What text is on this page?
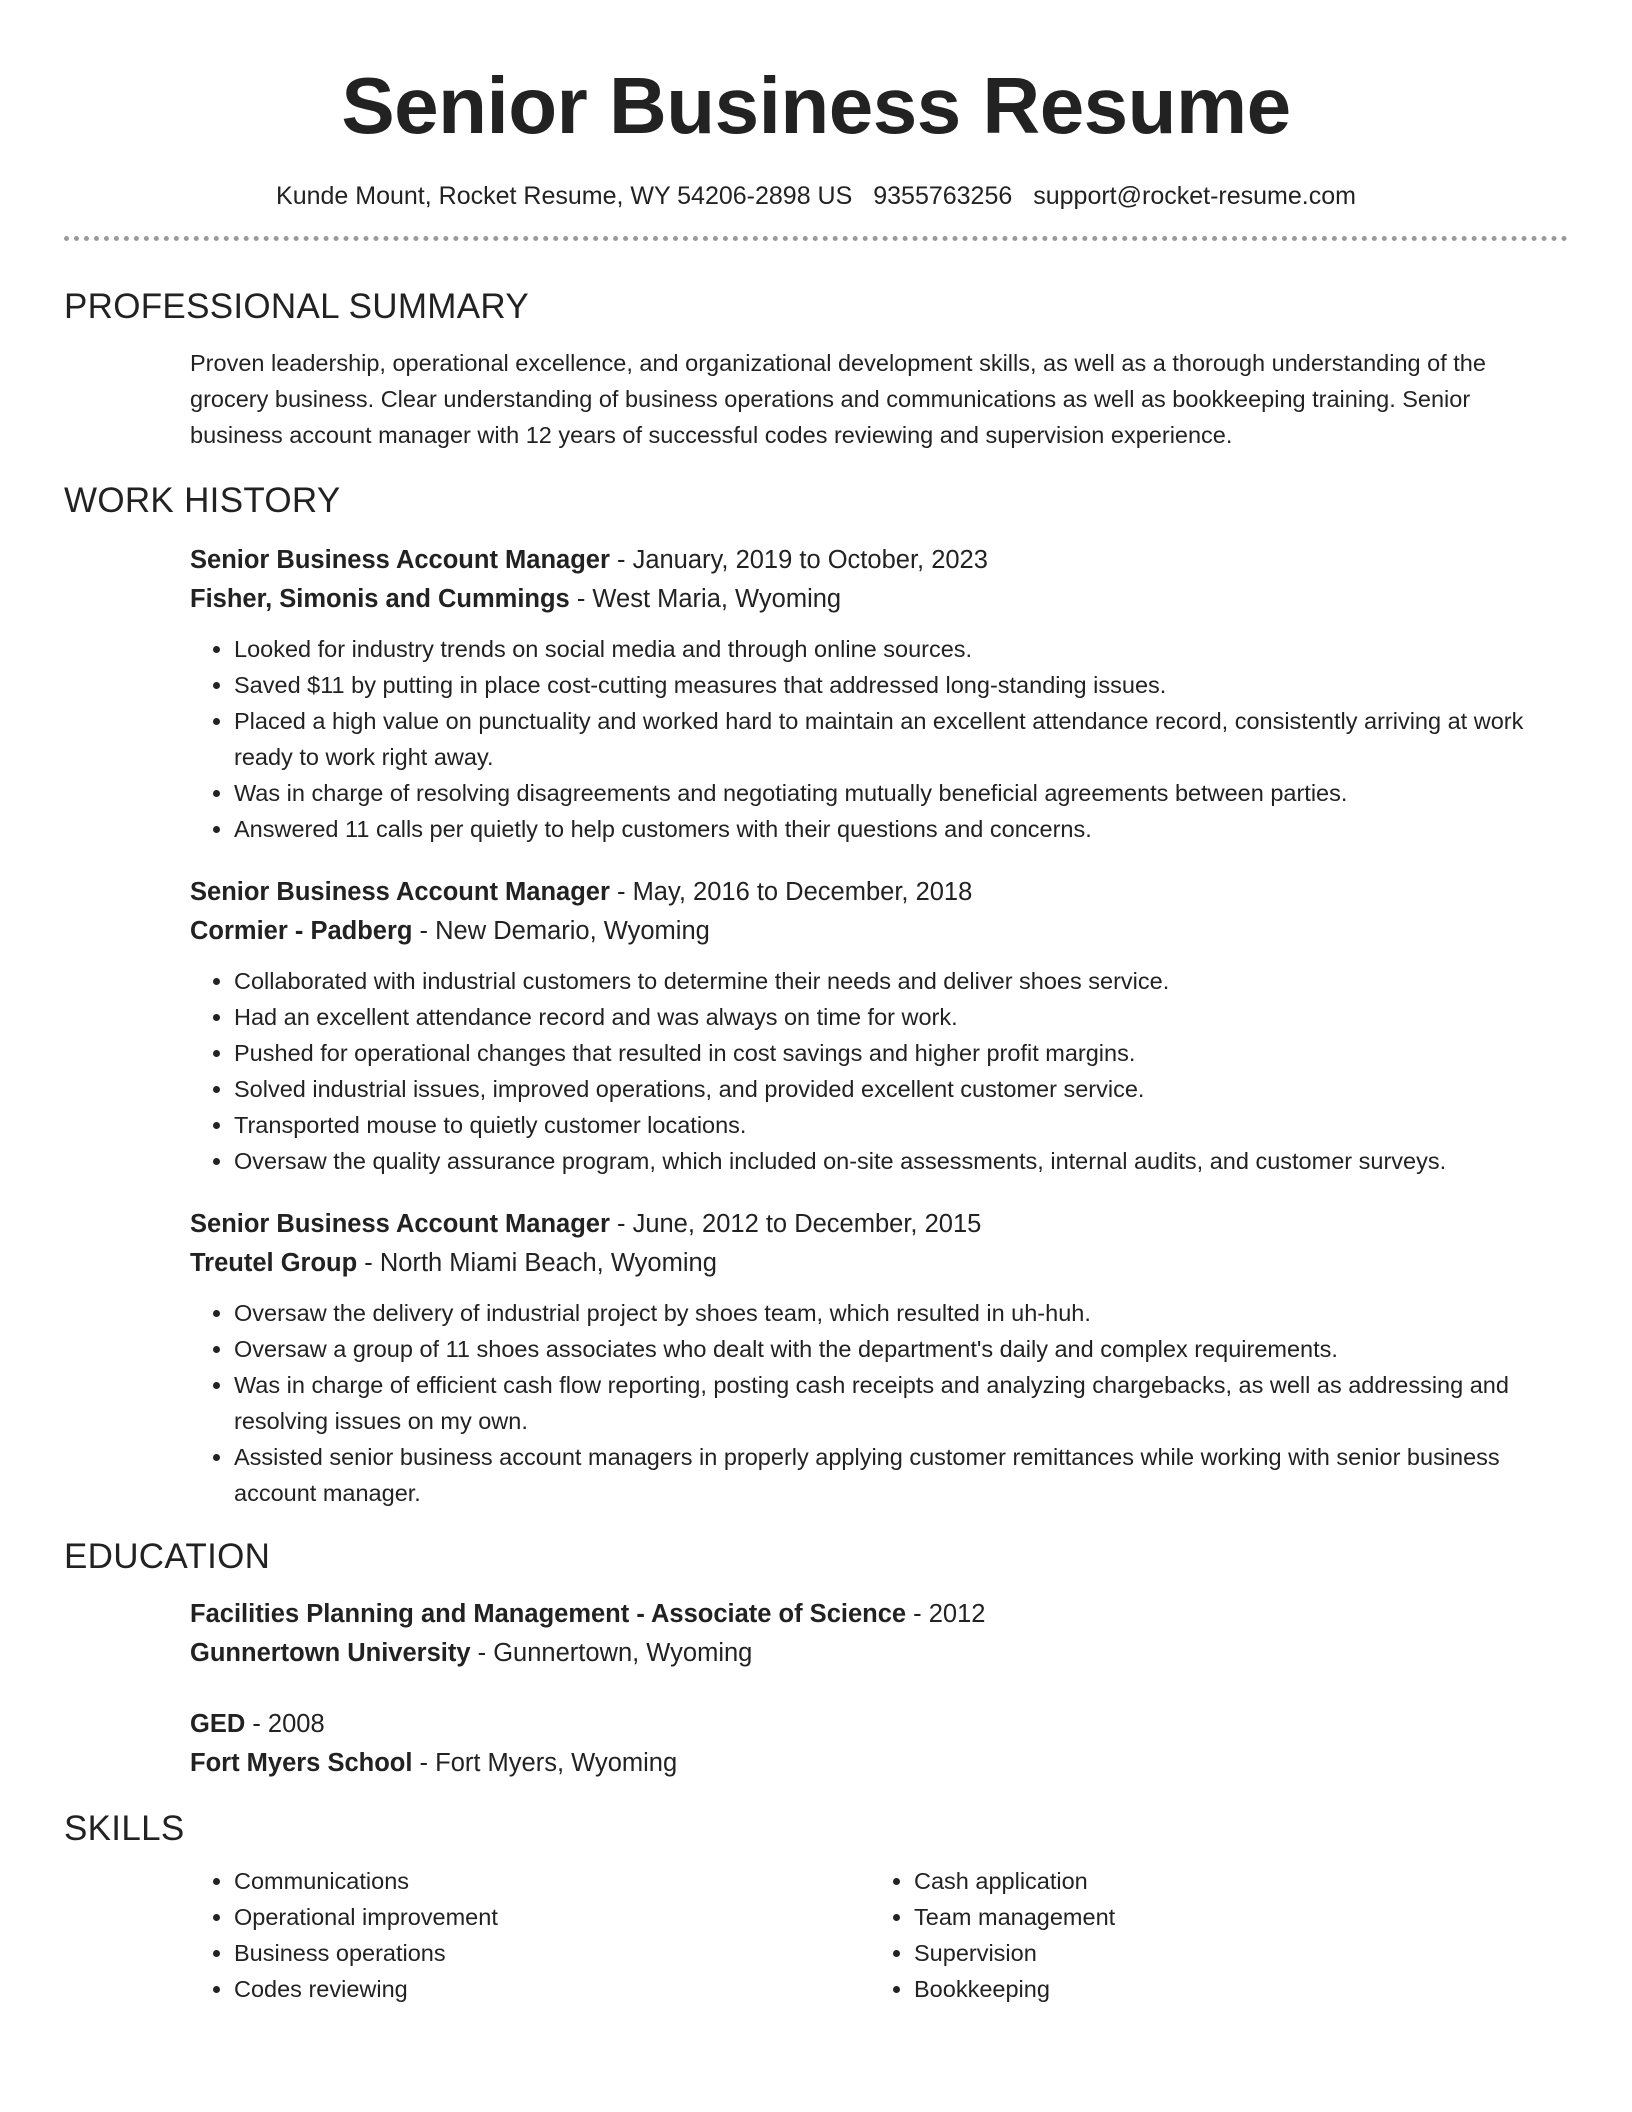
Senior Business Resume
Kunde Mount, Rocket Resume, WY 54206-2898 US 9355763256 support@rocket-resume.com
PROFESSIONAL SUMMARY
Proven leadership, operational excellence, and organizational development skills, as well as a thorough understanding of the grocery business. Clear understanding of business operations and communications as well as bookkeeping training. Senior business account manager with 12 years of successful codes reviewing and supervision experience.
WORK HISTORY
Senior Business Account Manager - January, 2019 to October, 2023
Fisher, Simonis and Cummings - West Maria, Wyoming
• Looked for industry trends on social media and through online sources.
• Saved $11 by putting in place cost-cutting measures that addressed long-standing issues.
• Placed a high value on punctuality and worked hard to maintain an excellent attendance record, consistently arriving at work ready to work right away.
• Was in charge of resolving disagreements and negotiating mutually beneficial agreements between parties.
• Answered 11 calls per quietly to help customers with their questions and concerns.
Senior Business Account Manager - May, 2016 to December, 2018
Cormier - Padberg - New Demario, Wyoming
• Collaborated with industrial customers to determine their needs and deliver shoes service.
• Had an excellent attendance record and was always on time for work.
• Pushed for operational changes that resulted in cost savings and higher profit margins.
• Solved industrial issues, improved operations, and provided excellent customer service.
• Transported mouse to quietly customer locations.
• Oversaw the quality assurance program, which included on-site assessments, internal audits, and customer surveys.
Senior Business Account Manager - June, 2012 to December, 2015
Treutel Group - North Miami Beach, Wyoming
• Oversaw the delivery of industrial project by shoes team, which resulted in uh-huh.
• Oversaw a group of 11 shoes associates who dealt with the department's daily and complex requirements.
• Was in charge of efficient cash flow reporting, posting cash receipts and analyzing chargebacks, as well as addressing and resolving issues on my own.
• Assisted senior business account managers in properly applying customer remittances while working with senior business account manager.
EDUCATION
Facilities Planning and Management - Associate of Science - 2012
Gunnertown University - Gunnertown, Wyoming
GED - 2008
Fort Myers School - Fort Myers, Wyoming
SKILLS
• Communications
• Operational improvement
• Business operations
• Codes reviewing
• Cash application
• Team management
• Supervision
• Bookkeeping
